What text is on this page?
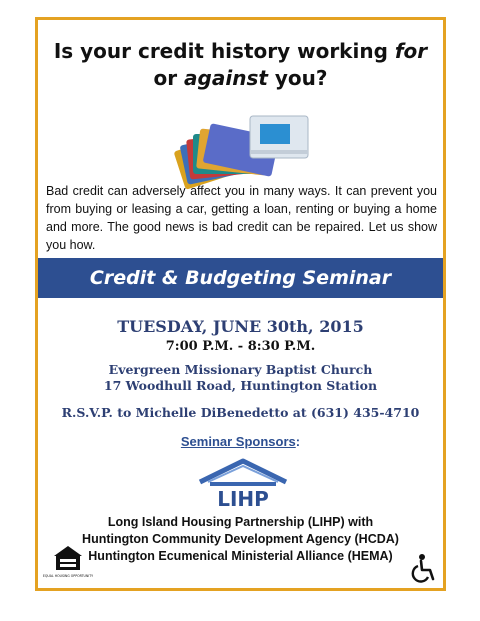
Is your credit history working for
or against you?
Bad credit can adversely affect you in many ways. It can prevent you from buying or leasing a car, getting a loan, renting or buying a home and more. The good news is bad credit can be repaired. Let us show you how.
Credit & Budgeting Seminar
TUESDAY, JUNE 30th, 2015
7:00 P.M. - 8:30 P.M.
Evergreen Missionary Baptist Church
17 Woodhull Road, Huntington Station
R.S.V.P. to Michelle DiBenedetto at (631) 435-4710
Seminar Sponsors:
LIHP
Long Island Housing Partnership (LIHP) with
Huntington Community Development Agency (HCDA)
Huntington Ecumenical Ministerial Alliance (HEMA)
EQUAL HOUSING OPPORTUNITY
